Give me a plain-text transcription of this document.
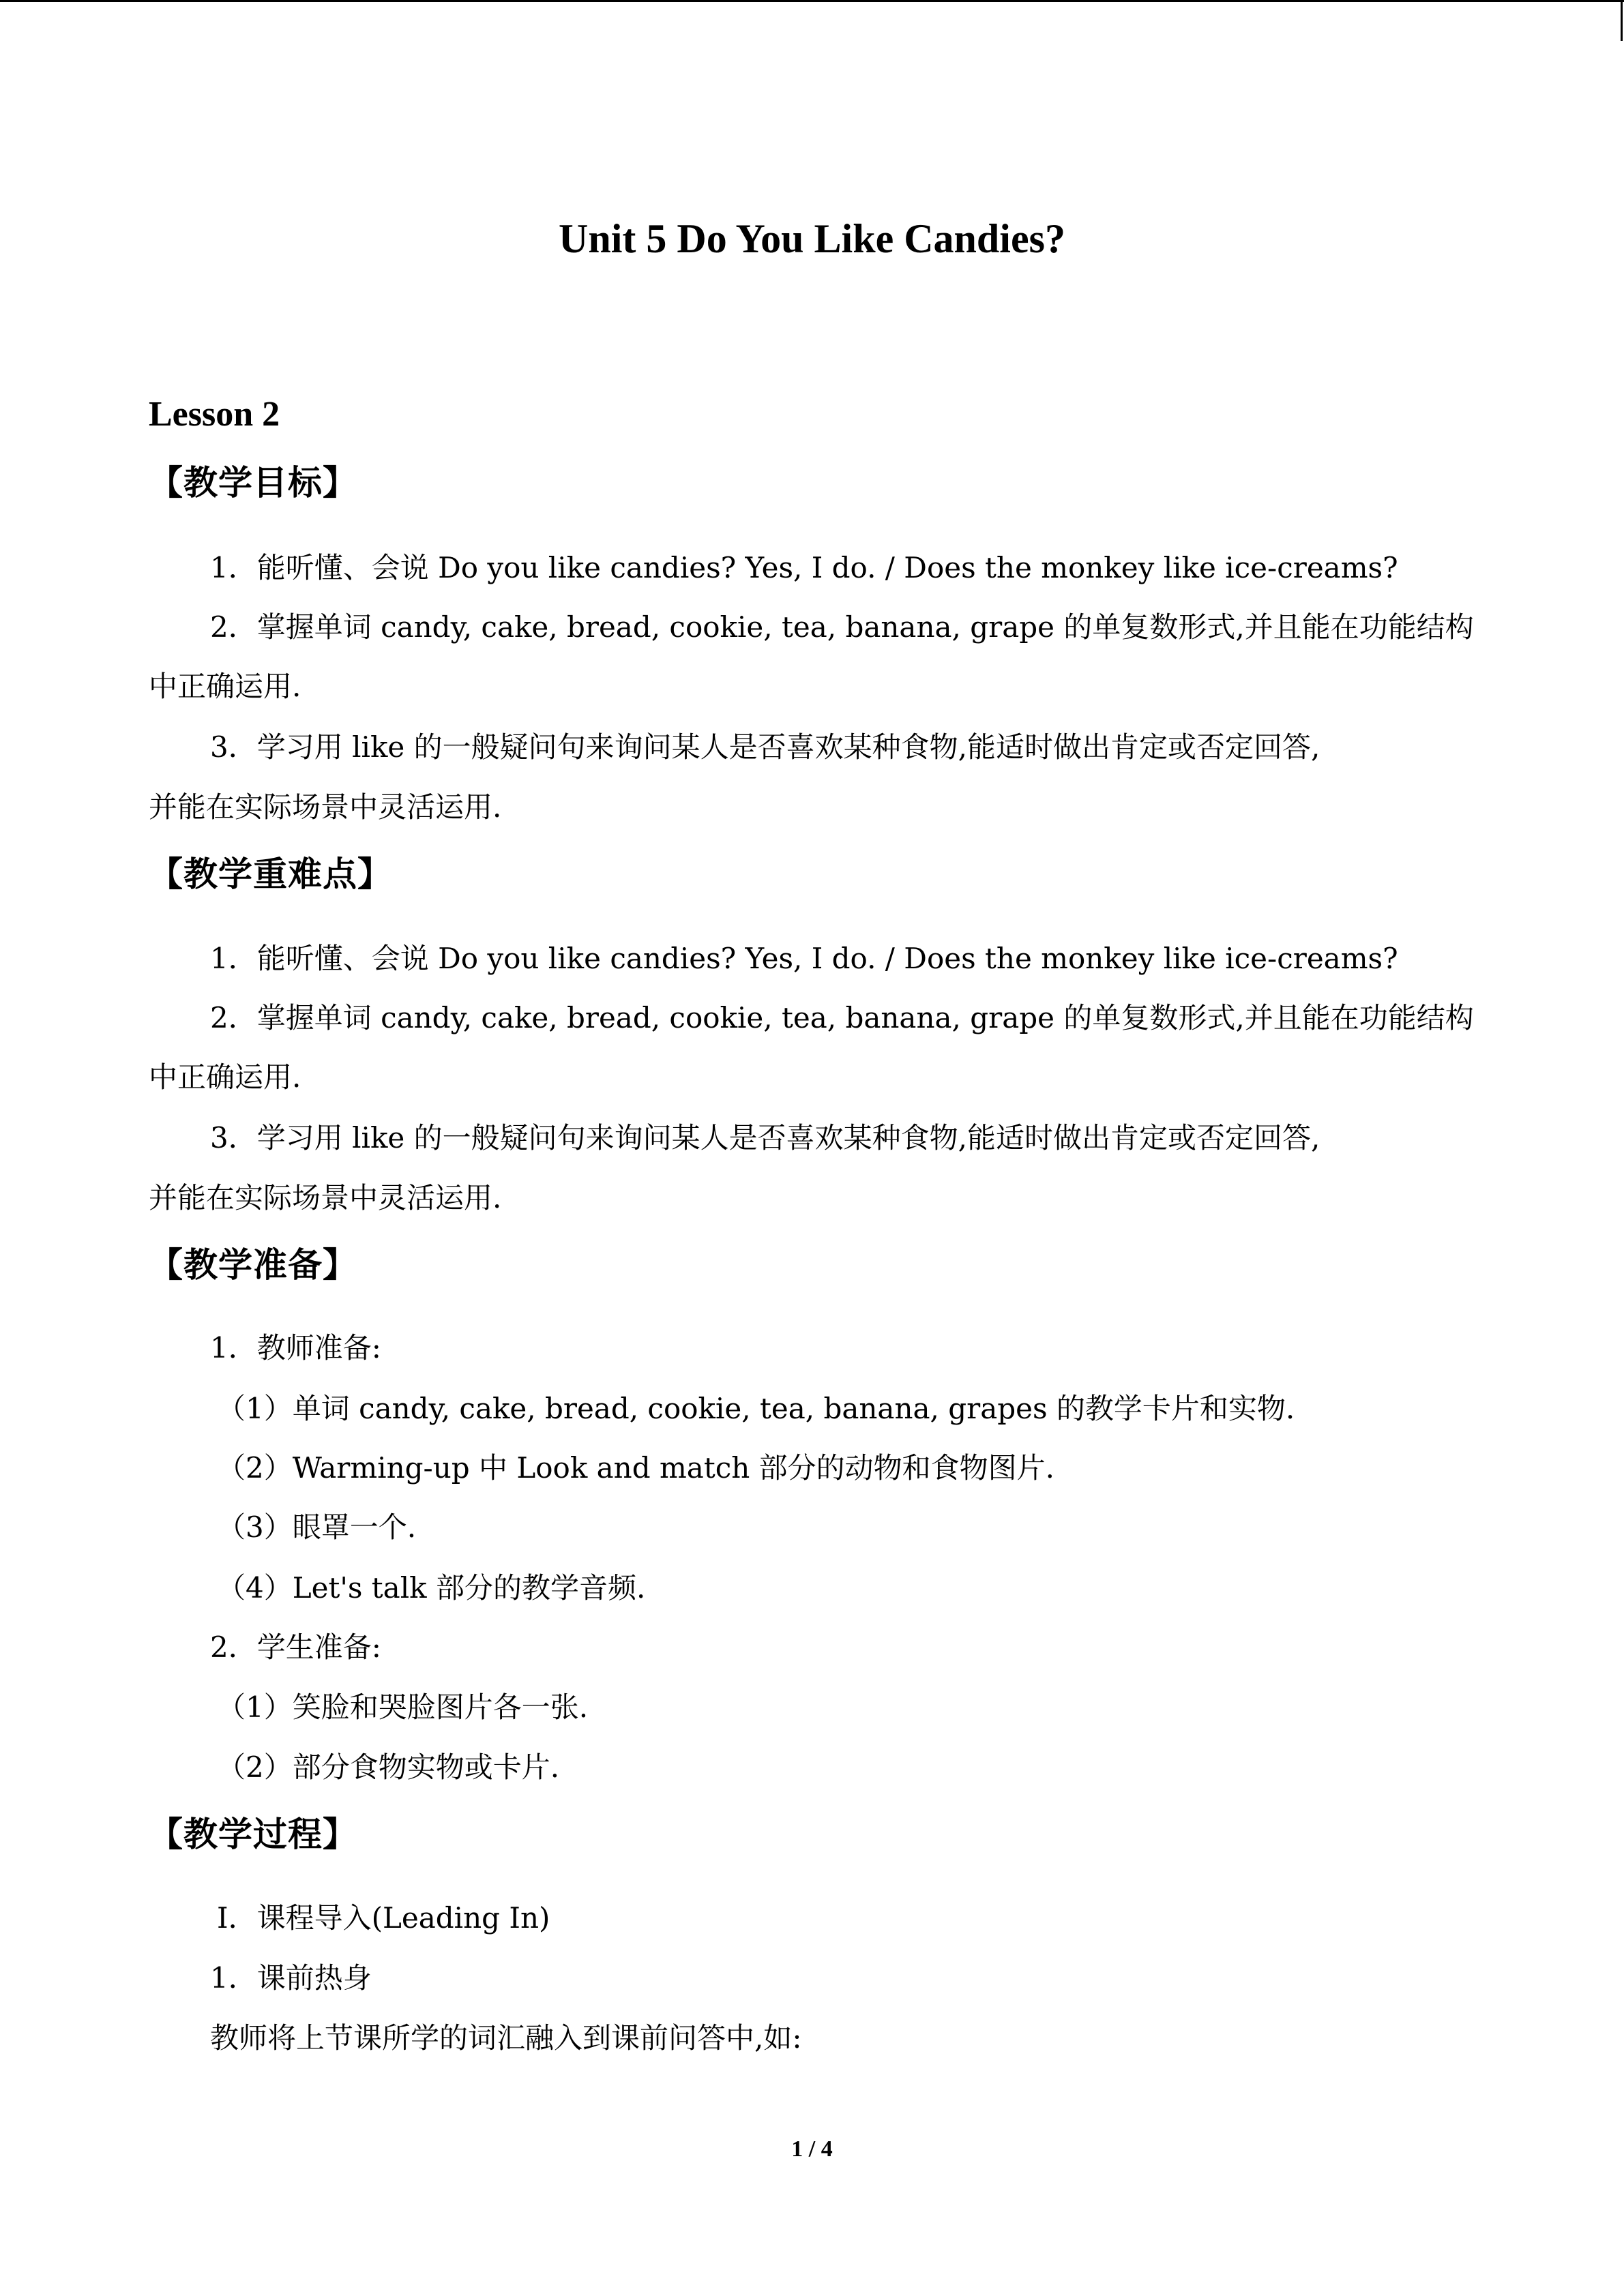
Unit 5 Do You Like Candies?
Lesson 2
【教学目标】
1．能听懂、会说 Do you like candies? Yes, I do. / Does the monkey like ice-creams?
2．掌握单词 candy, cake, bread, cookie, tea, banana, grape 的单复数形式,并且能在功能结构
中正确运用.
3．学习用 like 的一般疑问句来询问某人是否喜欢某种食物,能适时做出肯定或否定回答,
并能在实际场景中灵活运用.
【教学重难点】
1．能听懂、会说 Do you like candies? Yes, I do. / Does the monkey like ice-creams?
2．掌握单词 candy, cake, bread, cookie, tea, banana, grape 的单复数形式,并且能在功能结构
中正确运用.
3．学习用 like 的一般疑问句来询问某人是否喜欢某种食物,能适时做出肯定或否定回答,
并能在实际场景中灵活运用.
【教学准备】
1．教师准备:
（1）单词 candy, cake, bread, cookie, tea, banana, grapes 的教学卡片和实物.
（2）Warming-up 中 Look and match 部分的动物和食物图片.
（3）眼罩一个.
（4）Let's talk 部分的教学音频.
2．学生准备:
（1）笑脸和哭脸图片各一张.
（2）部分食物实物或卡片.
【教学过程】
Ⅰ．课程导入(Leading In)
1．课前热身
教师将上节课所学的词汇融入到课前问答中,如:
1 / 4
